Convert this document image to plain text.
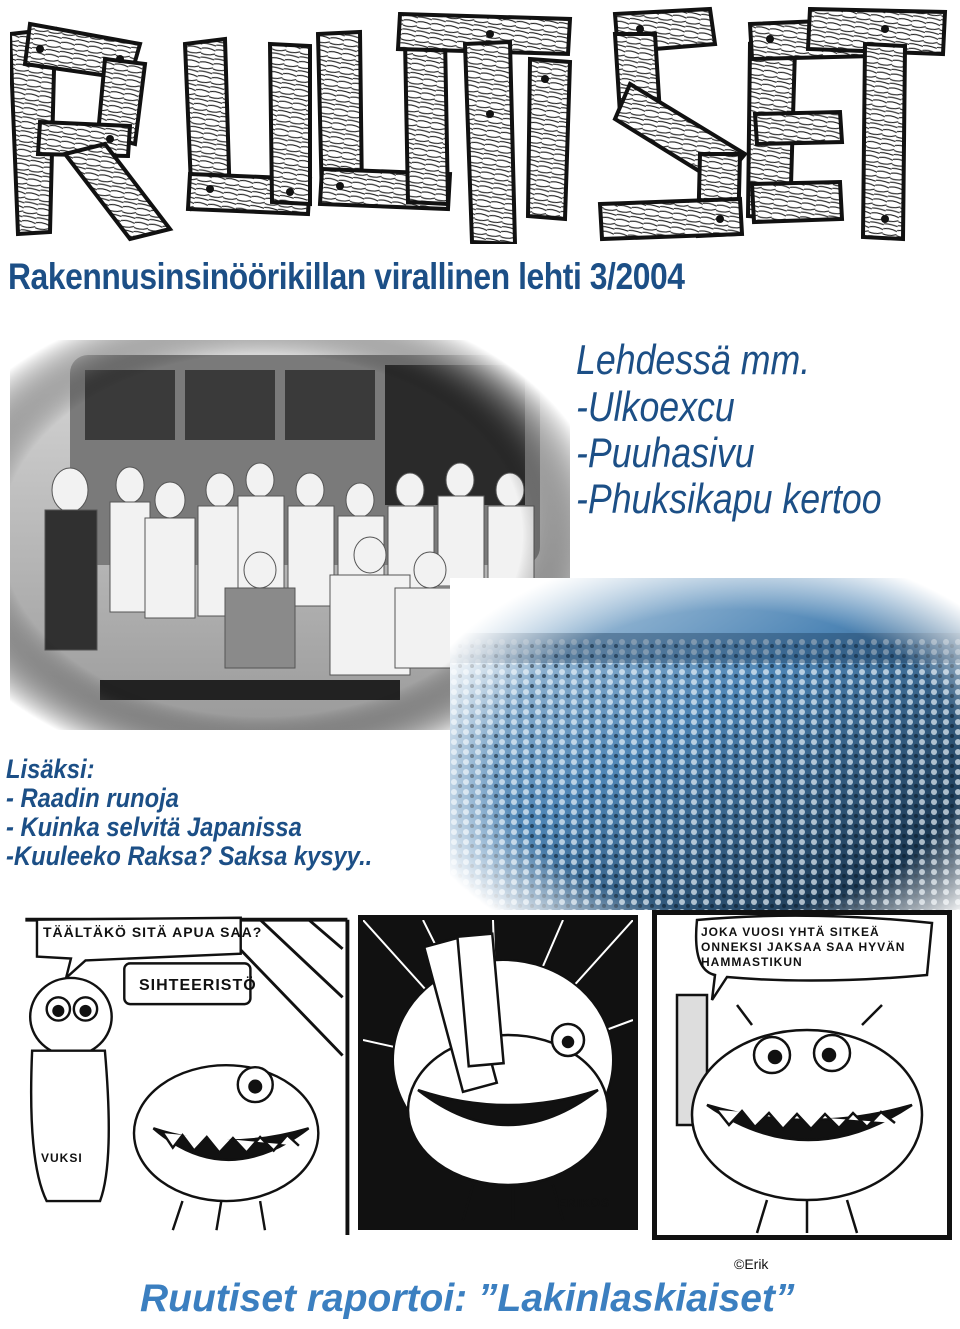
Rakennusinsinöörikillan virallinen lehti 3/2004
Lehdessä mm.
-Ulkoexcu
-Puuhasivu
-Phuksikapu kertoo
Lisäksi:
- Raadin runoja
- Kuinka selvitä Japanissa
-Kuuleeko Raksa? Saksa kysyy..
TÄÄLTÄKÖ SITÄ APUA SAA?
SIHTEERISTÖ
VUKSI
ERIKOS
JOKA VUOSI YHTÄ SITKEÄ ONNEKSI JAKSAA SAA HYVÄN HAMMASTIKUN
©Erik
Ruutiset raportoi: ”Lakinlaskiaiset”
